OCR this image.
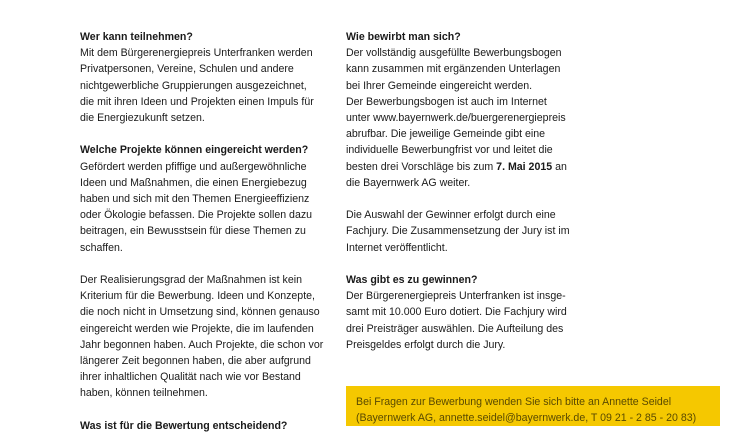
Wer kann teilnehmen?
Mit dem Bürgerenergiepreis Unterfranken werden
Privatpersonen, Vereine, Schulen und andere
nichtgewerbliche Gruppierungen ausgezeichnet,
die mit ihren Ideen und Projekten einen Impuls für
die Energiezukunft setzen.
Welche Projekte können eingereicht werden?
Gefördert werden pfiffige und außergewöhnliche
Ideen und Maßnahmen, die einen Energiebezug
haben und sich mit den Themen Energieeffizienz
oder Ökologie befassen. Die Projekte sollen dazu
beitragen, ein Bewusstsein für diese Themen zu
schaffen.
Der Realisierungsgrad der Maßnahmen ist kein
Kriterium für die Bewerbung. Ideen und Konzepte,
die noch nicht in Umsetzung sind, können genauso
eingereicht werden wie Projekte, die im laufenden
Jahr begonnen haben. Auch Projekte, die schon vor
längerer Zeit begonnen haben, die aber aufgrund
ihrer inhaltlichen Qualität nach wie vor Bestand
haben, können teilnehmen.
Was ist für die Bewertung entscheidend?
Wie bewirbt man sich?
Der vollständig ausgefüllte Bewerbungsbogen
kann zusammen mit ergänzenden Unterlagen
bei Ihrer Gemeinde eingereicht werden.
Der Bewerbungsbogen ist auch im Internet
unter www.bayernwerk.de/buergerenergiepreis
abrufbar. Die jeweilige Gemeinde gibt eine
individuelle Bewerbungfrist vor und leitet die
besten drei Vorschläge bis zum 7. Mai 2015 an
die Bayernwerk AG weiter.
Die Auswahl der Gewinner erfolgt durch eine
Fachjury. Die Zusammensetzung der Jury ist im
Internet veröffentlicht.
Was gibt es zu gewinnen?
Der Bürgerenergiepreis Unterfranken ist insge-
samt mit 10.000 Euro dotiert. Die Fachjury wird
drei Preisträger auswählen. Die Aufteilung des
Preisgeldes erfolgt durch die Jury.
Bei Fragen zur Bewerbung wenden Sie sich bitte an Annette Seidel
(Bayernwerk AG, annette.seidel@bayernwerk.de, T 09 21 - 2 85 - 20 83)
